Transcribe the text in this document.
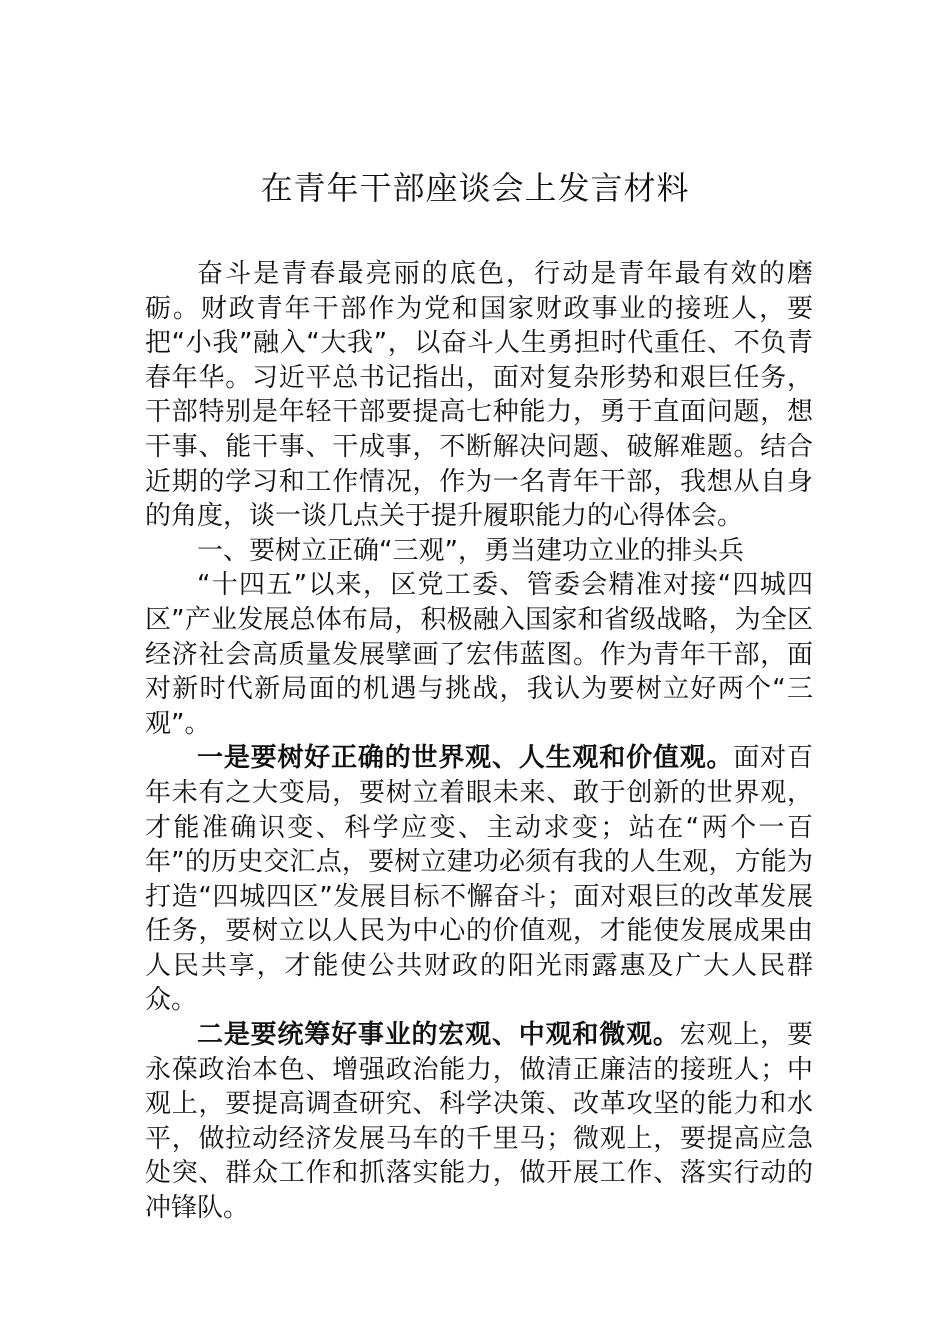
在青年干部座谈会上发言材料

奋斗是青春最亮丽的底色，行动是青年最有效的磨砺。财政青年干部作为党和国家财政事业的接班人，要把“小我”融入“大我”，以奋斗人生勇担时代重任、不负青春年华。习近平总书记指出，面对复杂形势和艰巨任务，干部特别是年轻干部要提高七种能力，勇于直面问题，想干事、能干事、干成事，不断解决问题、破解难题。结合近期的学习和工作情况，作为一名青年干部，我想从自身的角度，谈一谈几点关于提升履职能力的心得体会。

一、要树立正确“三观”，勇当建功立业的排头兵

“十四五”以来，区党工委、管委会精准对接“四城四区”产业发展总体布局，积极融入国家和省级战略，为全区经济社会高质量发展擘画了宏伟蓝图。作为青年干部，面对新时代新局面的机遇与挑战，我认为要树立好两个“三观”。

一是要树好正确的世界观、人生观和价值观。面对百年未有之大变局，要树立着眼未来、敢于创新的世界观，才能准确识变、科学应变、主动求变；站在“两个一百年”的历史交汇点，要树立建功必须有我的人生观，方能为打造“四城四区”发展目标不懈奋斗；面对艰巨的改革发展任务，要树立以人民为中心的价值观，才能使发展成果由人民共享，才能使公共财政的阳光雨露惠及广大人民群众。

二是要统筹好事业的宏观、中观和微观。宏观上，要永葆政治本色、增强政治能力，做清正廉洁的接班人；中观上，要提高调查研究、科学决策、改革攻坚的能力和水平，做拉动经济发展马车的千里马；微观上，要提高应急处突、群众工作和抓落实能力，做开展工作、落实行动的冲锋队。
